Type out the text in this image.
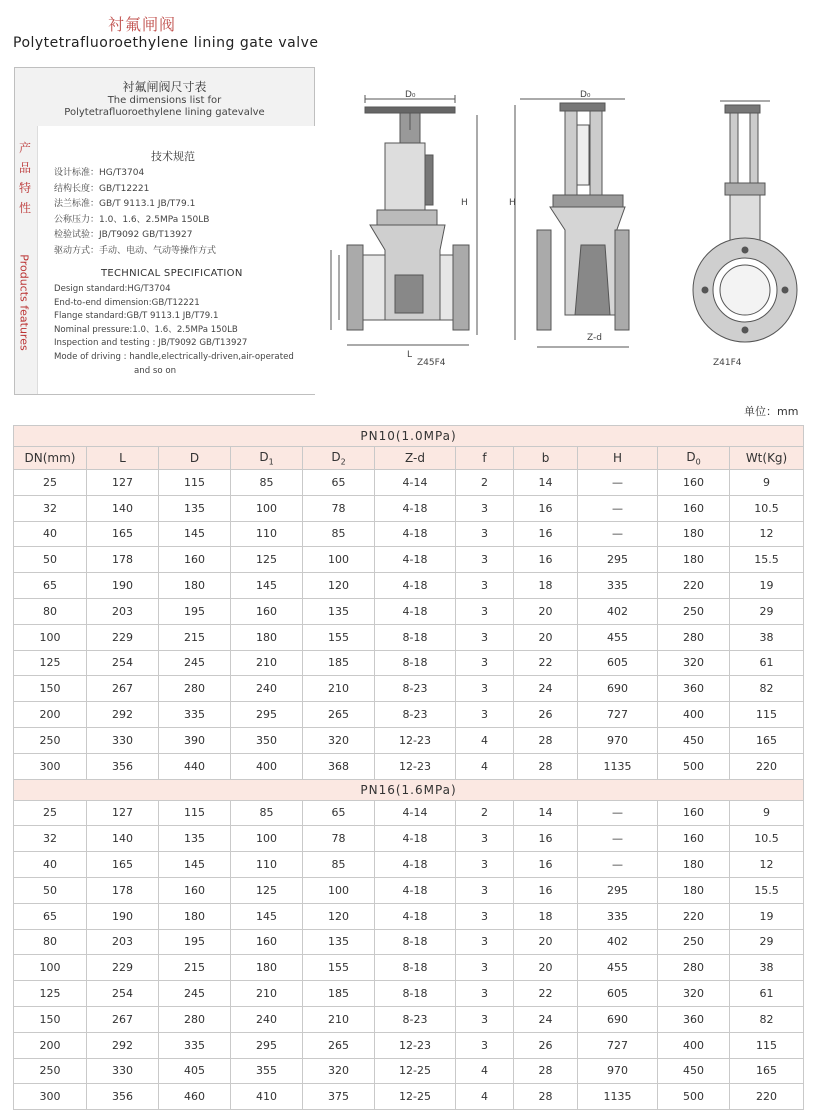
衬氟闸阀
Polytetrafluoroethylene lining gate valve
衬氟闸阀尺寸表
The dimensions list for
Polytetrafluoroethylene lining gatevalve
产品特性
Products features
技术规范
设计标准：HG/T3704
结构长度：GB/T12221
法兰标准：GB/T 9113.1 JB/T79.1
公称压力：1.0、1.6、2.5MPa 150LB
检验试验：JB/T9092 GB/T13927
驱动方式：手动、电动、气动等操作方式
TECHNICAL SPECIFICATION
Design standard:HG/T3704
End-to-end dimension:GB/T12221
Flange standard:GB/T 9113.1 JB/T79.1
Nominal pressure:1.0、1.6、2.5MPa 150LB
Inspection and testing : JB/T9092 GB/T13927
Mode of driving : handle,electrically-driven,air-operated
and so on
D₀
H
L
Z45F4
D₀
H
Z-d
Z41F4
单位：mm
PN10(1.0MPa)										
DN(mm)	L	D	$D_1$	$D_2$	Z-d	f	b	H	$D_0$	Wt(Kg)
25	127	115	85	65	4-14	2	14	—	160	9
32	140	135	100	78	4-18	3	16	—	160	10.5
40	165	145	110	85	4-18	3	16	—	180	12
50	178	160	125	100	4-18	3	16	295	180	15.5
65	190	180	145	120	4-18	3	18	335	220	19
80	203	195	160	135	4-18	3	20	402	250	29
100	229	215	180	155	8-18	3	20	455	280	38
125	254	245	210	185	8-18	3	22	605	320	61
150	267	280	240	210	8-23	3	24	690	360	82
200	292	335	295	265	8-23	3	26	727	400	115
250	330	390	350	320	12-23	4	28	970	450	165
300	356	440	400	368	12-23	4	28	1135	500	220
PN16(1.6MPa)										
25	127	115	85	65	4-14	2	14	—	160	9
32	140	135	100	78	4-18	3	16	—	160	10.5
40	165	145	110	85	4-18	3	16	—	180	12
50	178	160	125	100	4-18	3	16	295	180	15.5
65	190	180	145	120	4-18	3	18	335	220	19
80	203	195	160	135	8-18	3	20	402	250	29
100	229	215	180	155	8-18	3	20	455	280	38
125	254	245	210	185	8-18	3	22	605	320	61
150	267	280	240	210	8-23	3	24	690	360	82
200	292	335	295	265	12-23	3	26	727	400	115
250	330	405	355	320	12-25	4	28	970	450	165
300	356	460	410	375	12-25	4	28	1135	500	220
